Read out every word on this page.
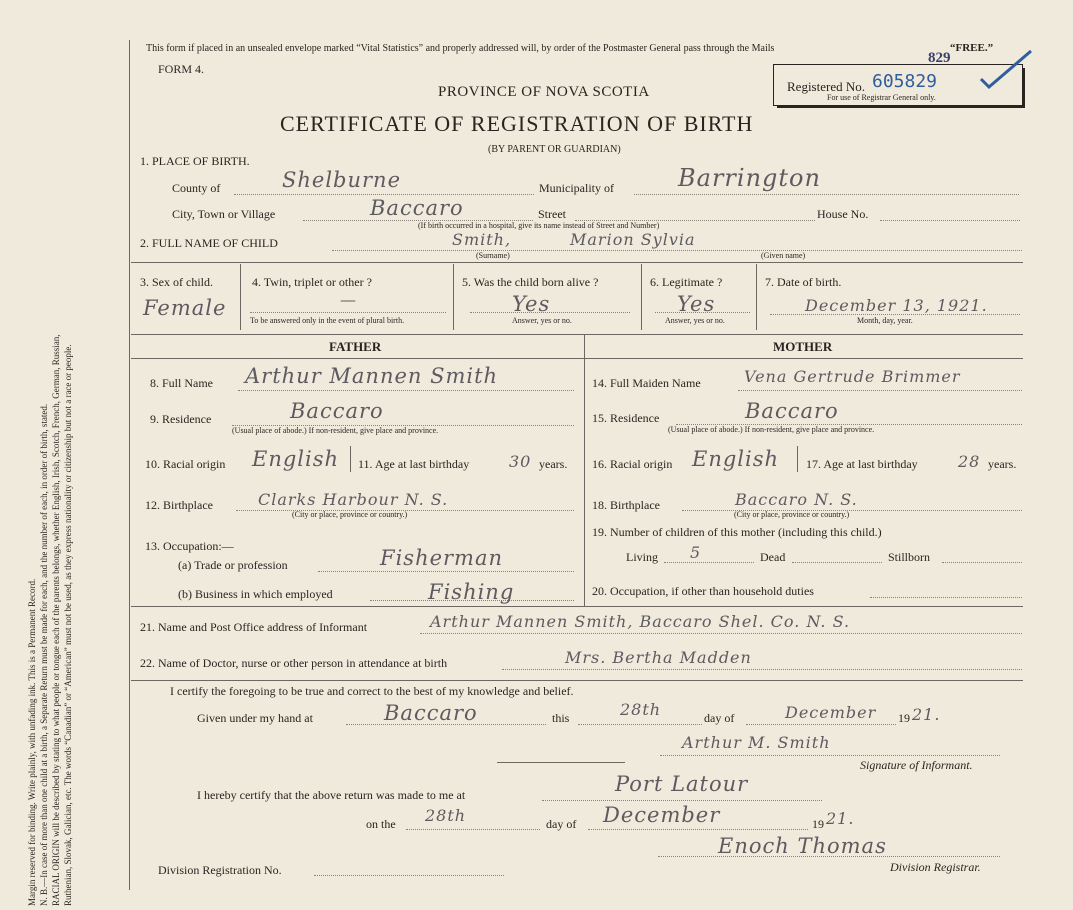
Margin reserved for binding. Write plainly, with unfading ink. This is a Permanent Record. N. B.—In case of more than one child at a birth, a Separate Return must be made for each, and the number of each, in order of birth, stated. RACIAL ORIGIN will be described by stating to what people or tongue each of the parents belongs, whether English, Irish, Scotch, French, German, Russian, Ruthenian, Slovak, Galician, etc. The words “Canadian” or “American” must not be used, as they express nationality or citizenship but not a race or people.
This form if placed in an unsealed envelope marked “Vital Statistics” and properly addressed will, by order of the Postmaster General pass through the Mails	“FREE.”
FORM 4.
PROVINCE OF NOVA SCOTIA
CERTIFICATE OF REGISTRATION OF BIRTH
(BY PARENT OR GUARDIAN)
Registered No.
829
605829
For use of Registrar General only.
1. PLACE OF BIRTH.
County of	Shelburne	Municipality of	Barrington
City, Town or Village	Baccaro	Street
(If birth occurred in a hospital, give its name instead of Street and Number)
House No.
2. FULL NAME OF CHILD	Smith,	Marion Sylvia
(Surname)	(Given name)
3. Sex of child.
Female
4. Twin, triplet or other ?
—
To be answered only in the event of plural birth.
5. Was the child born alive ?
Yes
Answer, yes or no.
6. Legitimate ?
Yes
Answer, yes or no.
7. Date of birth.
December 13, 1921.
Month, day, year.
FATHER	MOTHER
8. Full Name Arthur Mannen Smith
9. Residence	Baccaro
(Usual place of abode.) If non-resident, give place and province.
10. Racial origin English 11. Age at last birthday 30 years.
12. Birthplace	Clarks Harbour N. S.
(City or place, province or country.)
13. Occupation:—
(a) Trade or profession	Fisherman
(b) Business in which employed	Fishing
14. Full Maiden Name	Vena Gertrude Brimmer
15. Residence	Baccaro
(Usual place of abode.) If non-resident, give place and province.
16. Racial origin English 17. Age at last birthday	28 years.
18. Birthplace	Baccaro N. S.
(City or place, province or country.)
19. Number of children of this mother (including this child.)
Living 5	Dead	Stillborn
20. Occupation, if other than household duties
21. Name and Post Office address of Informant	Arthur Mannen Smith, Baccaro Shel. Co. N. S.
22. Name of Doctor, nurse or other person in attendance at birth	Mrs. Bertha Madden
I certify the foregoing to be true and correct to the best of my knowledge and belief.
Given under my hand at	Baccaro	this	28th	day of	December 19 21.
Arthur M. Smith
Signature of Informant.
I hereby certify that the above return was made to me at	Port Latour
on the 28th	day of December	19 21.
Enoch Thomas
Division Registration No.	Division Registrar.
